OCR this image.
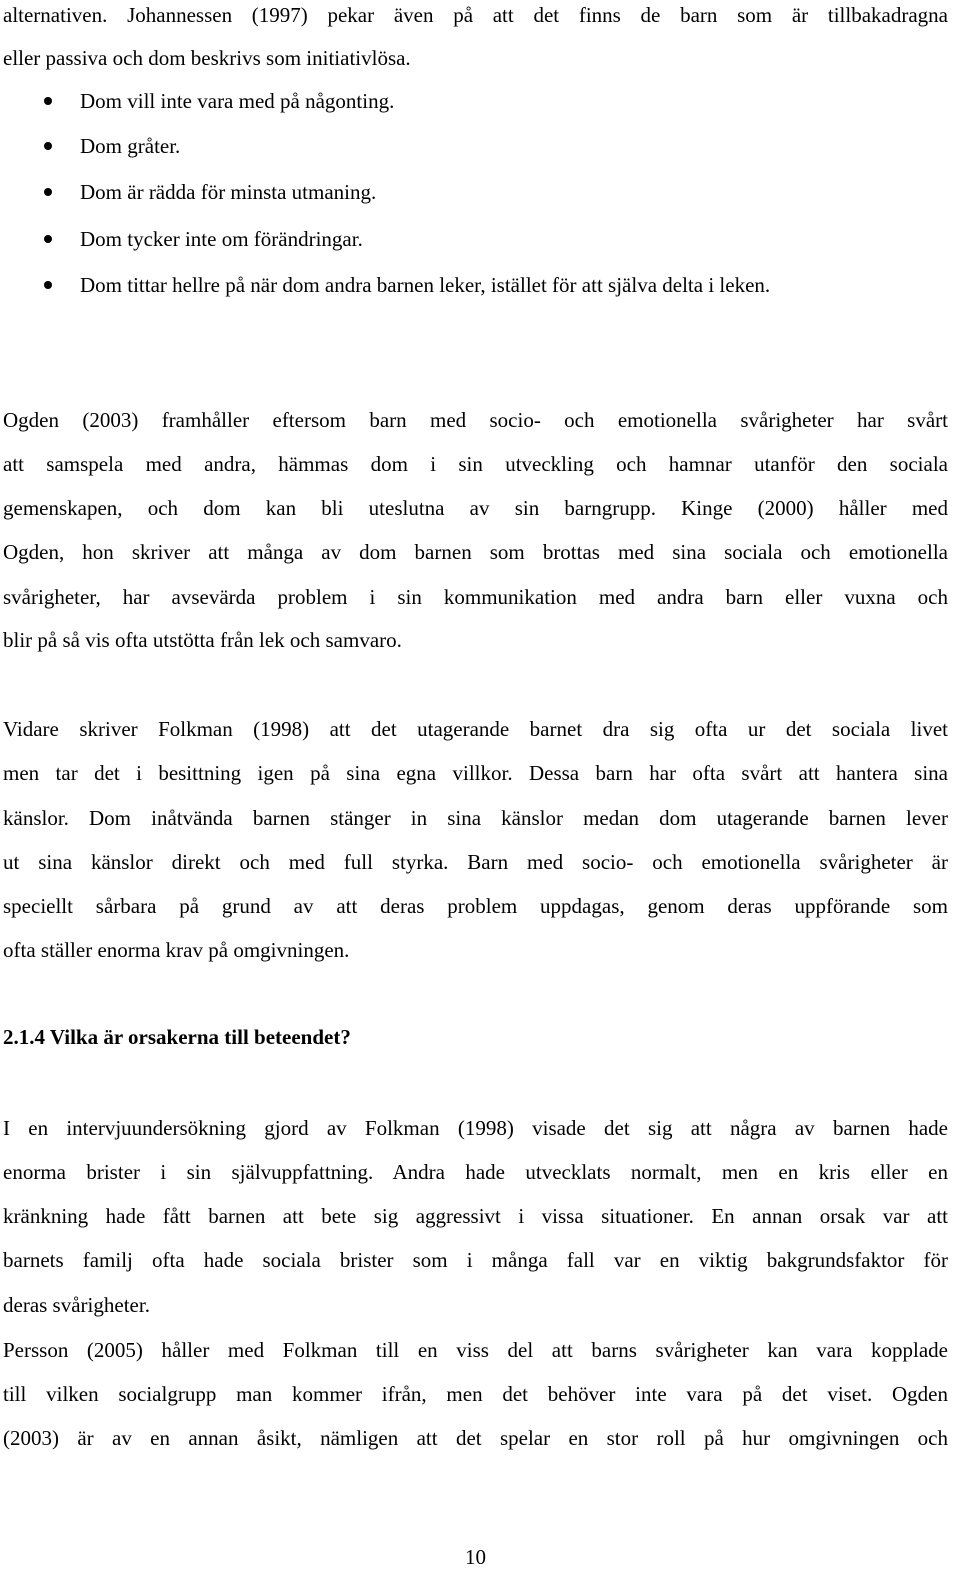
alternativen. Johannessen (1997) pekar även på att det finns de barn som är tillbakadragna
eller passiva och dom beskrivs som initiativlösa.
Dom vill inte vara med på någonting.
Dom gråter.
Dom är rädda för minsta utmaning.
Dom tycker inte om förändringar.
Dom tittar hellre på när dom andra barnen leker, istället för att själva delta i leken.
Ogden (2003) framhåller eftersom barn med socio- och emotionella svårigheter har svårt
att samspela med andra, hämmas dom i sin utveckling och hamnar utanför den sociala
gemenskapen, och dom kan bli uteslutna av sin barngrupp. Kinge (2000) håller med
Ogden, hon skriver att många av dom barnen som brottas med sina sociala och emotionella
svårigheter, har avsevärda problem i sin kommunikation med andra barn eller vuxna och
blir på så vis ofta utstötta från lek och samvaro.
Vidare skriver Folkman (1998) att det utagerande barnet dra sig ofta ur det sociala livet
men tar det i besittning igen på sina egna villkor. Dessa barn har ofta svårt att hantera sina
känslor. Dom inåtvända barnen stänger in sina känslor medan dom utagerande barnen lever
ut sina känslor direkt och med full styrka. Barn med socio- och emotionella svårigheter är
speciellt sårbara på grund av att deras problem uppdagas, genom deras uppförande som
ofta ställer enorma krav på omgivningen.
2.1.4 Vilka är orsakerna till beteendet?
I en intervjuundersökning gjord av Folkman (1998) visade det sig att några av barnen hade
enorma brister i sin självuppfattning. Andra hade utvecklats normalt, men en kris eller en
kränkning hade fått barnen att bete sig aggressivt i vissa situationer. En annan orsak var att
barnets familj ofta hade sociala brister som i många fall var en viktig bakgrundsfaktor för
deras svårigheter.
Persson (2005) håller med Folkman till en viss del att barns svårigheter kan vara kopplade
till vilken socialgrupp man kommer ifrån, men det behöver inte vara på det viset. Ogden
(2003) är av en annan åsikt, nämligen att det spelar en stor roll på hur omgivningen och
10
